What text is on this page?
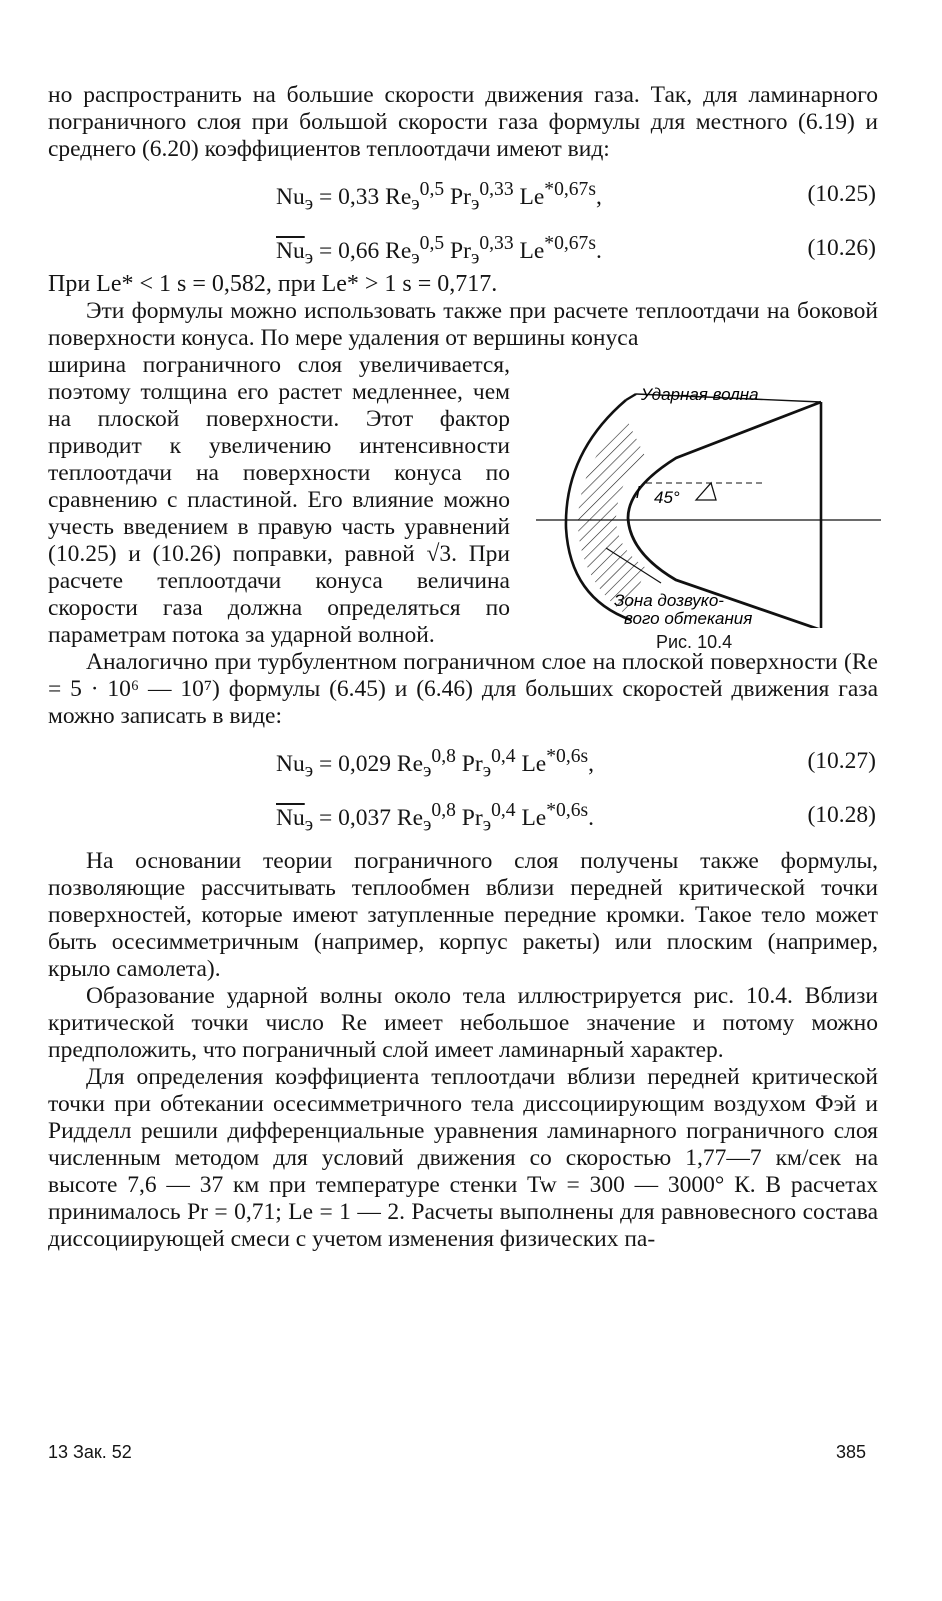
но распространить на большие скорости движения газа. Так, для ламинарного пограничного слоя при большой скорости газа формулы для местного (6.19) и среднего (6.20) коэффициентов теплоотдачи имеют вид:

$Nu_э = 0,33$ $Re_э^{0,5}$ $Pr_э^{0,33}$ $Le^{*0,67s}$,	(10.25)
$\overline{Nu}_э = 0,66$ $Re_э^{0,5}$ $Pr_э^{0,33}$ $Le^{*0,67s}$.	(10.26)

При Le* < 1 s = 0,582, при Le* > 1 s = 0,717.

Эти формулы можно использовать также при расчете теплоотдачи на боковой поверхности конуса. По мере удаления от вершины конуса

ширина пограничного слоя увеличивается, поэтому толщина его растет медленнее, чем на плоской поверхности. Этот фактор приводит к увеличению интенсивности теплоотдачи на поверхности конуса по сравнению с пластиной. Его влияние можно учесть введением в правую часть уравнений (10.25) и (10.26) поправки, равной √3. При расчете теплоотдачи конуса величина скорости газа должна определяться по параметрам потока за ударной волной.

Ударная волна
45°
l
Зона дозвуко-
вого обтекания
Рис. 10.4

Аналогично при турбулентном пограничном слое на плоской поверхности (Re = 5 · 10⁶ — 10⁷) формулы (6.45) и (6.46) для больших скоростей движения газа можно записать в виде:

$Nu_э = 0,029$ $Re_э^{0,8}$ $Pr_э^{0,4}$ $Le^{*0,6s}$,	(10.27)
$\overline{Nu}_э = 0,037$ $Re_э^{0,8}$ $Pr_э^{0,4}$ $Le^{*0,6s}$.	(10.28)

На основании теории пограничного слоя получены также формулы, позволяющие рассчитывать теплообмен вблизи передней критической точки поверхностей, которые имеют затупленные передние кромки. Такое тело может быть осесимметричным (например, корпус ракеты) или плоским (например, крыло самолета).

Образование ударной волны около тела иллюстрируется рис. 10.4. Вблизи критической точки число Re имеет небольшое значение и потому можно предположить, что пограничный слой имеет ламинарный характер.

Для определения коэффициента теплоотдачи вблизи передней критической точки при обтекании осесимметричного тела диссоциирующим воздухом Фэй и Ридделл решили дифференциальные уравнения ламинарного пограничного слоя численным методом для условий движения со скоростью 1,77—7 км/сек на высоте 7,6 — 37 км при температуре стенки Tw = 300 — 3000° К. В расчетах принималось Pr = 0,71; Le = 1 — 2. Расчеты выполнены для равновесного состава диссоциирующей смеси с учетом изменения физических па-

13 Зак. 52	385
